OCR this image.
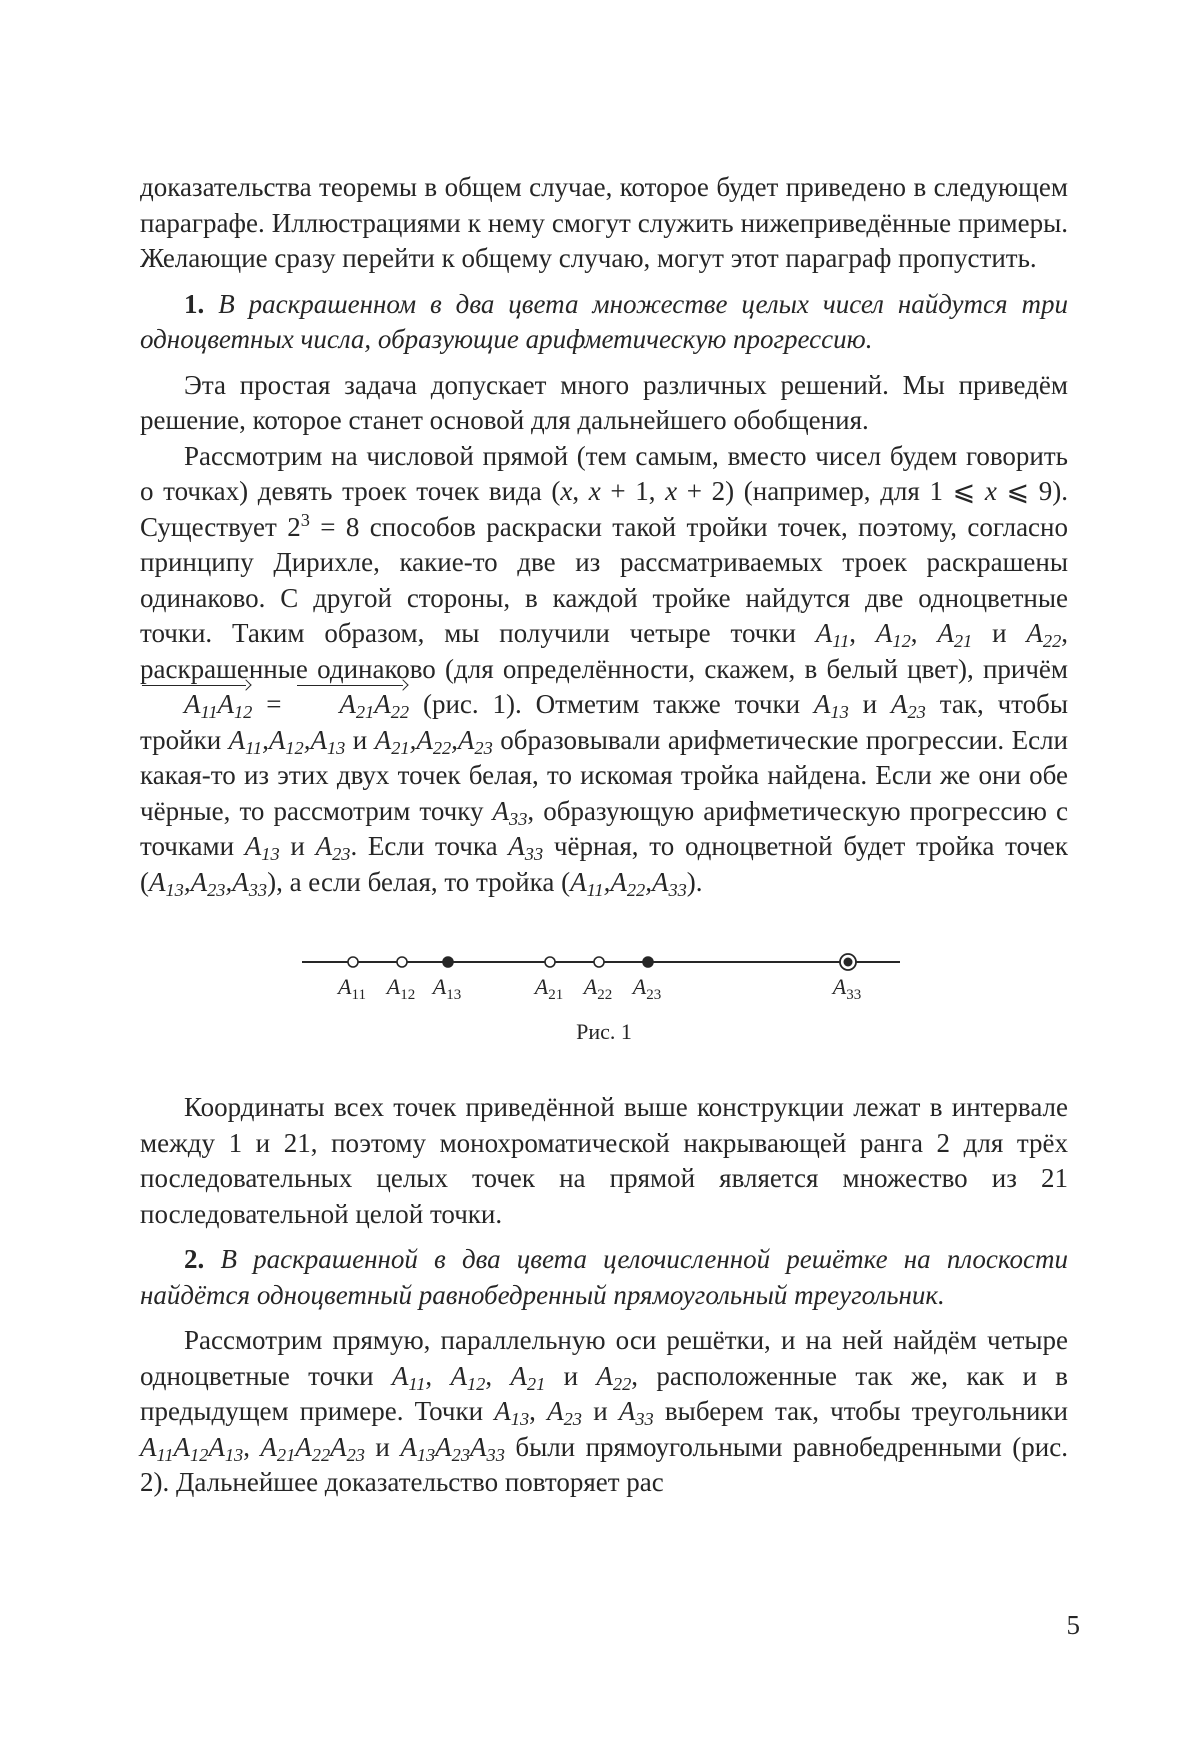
доказательства теоремы в общем случае, которое будет приведено в следующем параграфе. Иллюстрациями к нему смогут служить нижеприведённые примеры. Желающие сразу перейти к общему случаю, могут этот параграф пропустить.

1. В раскрашенном в два цвета множестве целых чисел найдутся три одноцветных числа, образующие арифметическую прогрессию.

Эта простая задача допускает много различных решений. Мы приведём решение, которое станет основой для дальнейшего обобщения.

Рассмотрим на числовой прямой (тем самым, вместо чисел будем говорить о точках) девять троек точек вида (x, x + 1, x + 2) (например, для 1 ⩽ x ⩽ 9). Существует $2^3 = 8$ способов раскраски такой тройки точек, поэтому, согласно принципу Дирихле, какие-то две из рассматриваемых троек раскрашены одинаково. С другой стороны, в каждой тройке найдутся две одноцветные точки. Таким образом, мы получили четыре точки $A_{11}$, $A_{12}$, $A_{21}$ и $A_{22}$, раскрашенные одинаково (для определённости, скажем, в белый цвет), причём $A_{11}A_{12} = A_{21}A_{22}$ (рис. 1). Отметим также точки $A_{13}$ и $A_{23}$ так, чтобы тройки $A_{11},A_{12},A_{13}$ и $A_{21},A_{22},A_{23}$ образовывали арифметические прогрессии. Если какая-то из этих двух точек белая, то искомая тройка найдена. Если же они обе чёрные, то рассмотрим точку $A_{33}$, образующую арифметическую прогрессию с точками $A_{13}$ и $A_{23}$. Если точка $A_{33}$ чёрная, то одноцветной будет тройка точек $(A_{13},A_{23},A_{33})$, а если белая, то тройка $(A_{11},A_{22},A_{33})$.

$A_{11}$ $A_{12}$ $A_{13}$	$A_{21}$ $A_{22}$ $A_{23}$	$A_{33}$
Рис. 1

Координаты всех точек приведённой выше конструкции лежат в интервале между 1 и 21, поэтому монохроматической накрывающей ранга 2 для трёх последовательных целых точек на прямой является множество из 21 последовательной целой точки.

2. В раскрашенной в два цвета целочисленной решётке на плоскости найдётся одноцветный равнобедренный прямоугольный треугольник.

Рассмотрим прямую, параллельную оси решётки, и на ней найдём четыре одноцветные точки $A_{11}$, $A_{12}$, $A_{21}$ и $A_{22}$, расположенные так же, как и в предыдущем примере. Точки $A_{13}$, $A_{23}$ и $A_{33}$ выберем так, чтобы треугольники $A_{11}A_{12}A_{13}$, $A_{21}A_{22}A_{23}$ и $A_{13}A_{23}A_{33}$ были прямоугольными равнобедренными (рис. 2). Дальнейшее доказательство повторяет рас

5
